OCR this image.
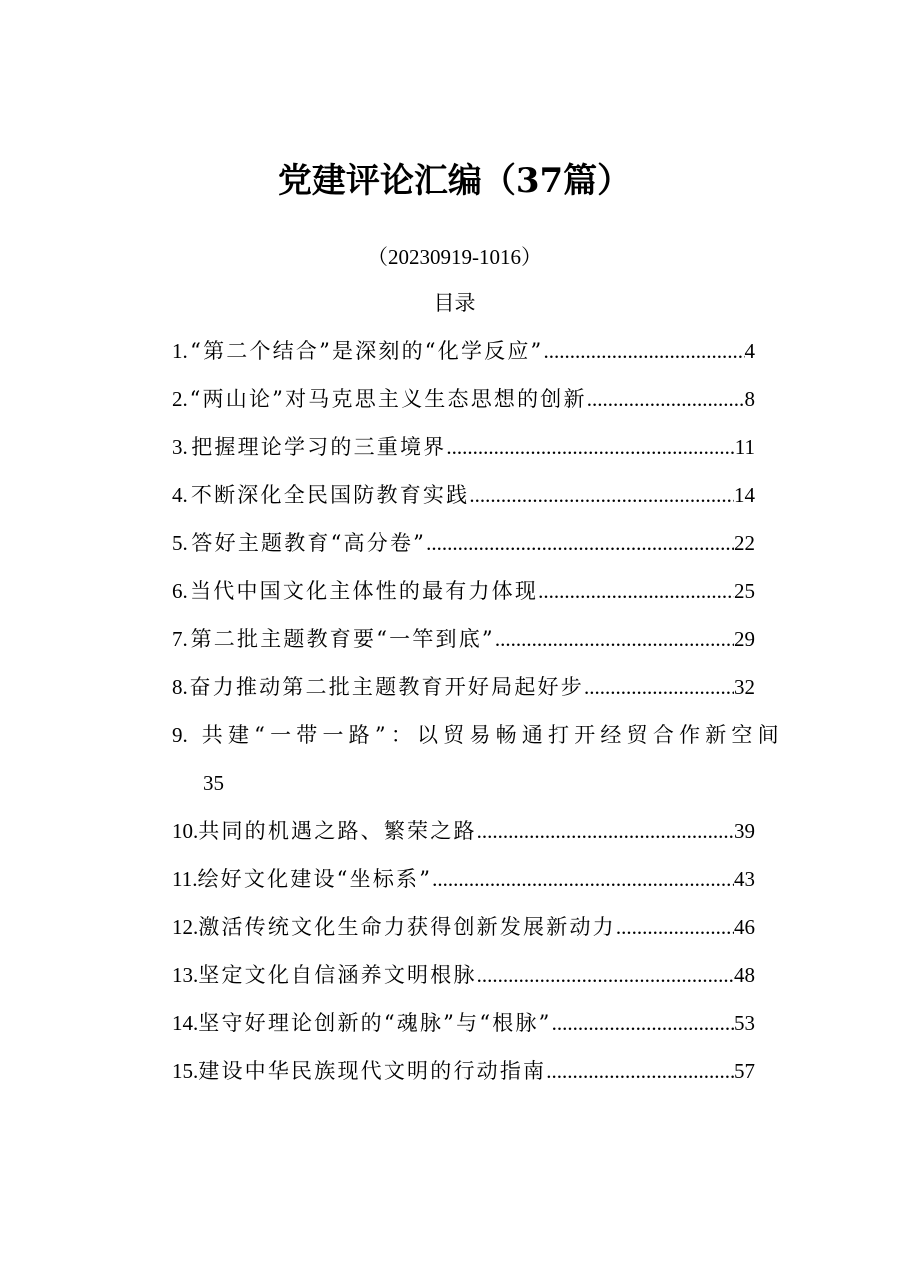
党建评论汇编（37篇）
（20230919-1016）
目录
1. “第二个结合”是深刻的“化学反应” .....	4
2. “两山论”对马克思主义生态思想的创新 .....	8
3. 把握理论学习的三重境界 .....	11
4. 不断深化全民国防教育实践 .....	14
5. 答好主题教育“高分卷” .....	22
6. 当代中国文化主体性的最有力体现 .....	25
7. 第二批主题教育要“一竿到底” .....	29
8. 奋力推动第二批主题教育开好局起好步 .....	32
9. 共建“一带一路”：以贸易畅通打开经贸合作新空间
35
10. 共同的机遇之路、繁荣之路 .....	39
11. 绘好文化建设“坐标系” .....	43
12. 激活传统文化生命力获得创新发展新动力 .....	46
13. 坚定文化自信涵养文明根脉 .....	48
14. 坚守好理论创新的“魂脉”与“根脉” .....	53
15. 建设中华民族现代文明的行动指南 .....	57
